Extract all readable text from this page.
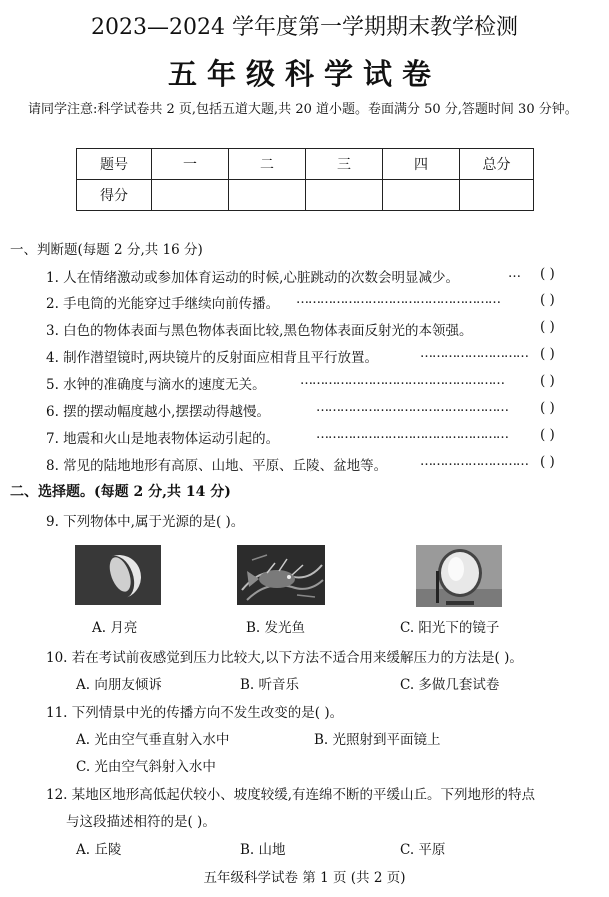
2023—2024 学年度第一学期期末教学检测
五年级科学试卷
请同学注意:科学试卷共 2 页,包括五道大题,共 20 道小题。卷面满分 50 分,答题时间 30 分钟。
题号	一	二	三	四	总分
得分					
一、判断题(每题 2 分,共 16 分)
1. 人在情绪激动或参加体育运动的时候,心脏跳动的次数会明显减少。	… ( )
2. 手电筒的光能穿过手继续向前传播。 ……………………………………………	( )
3. 白色的物体表面与黑色物体表面比较,黑色物体表面反射光的本领强。	( )
4. 制作潜望镜时,两块镜片的反射面应相背且平行放置。	……………………… ( )
5. 水钟的准确度与滴水的速度无关。	……………………………………………	( )
6. 摆的摆动幅度越小,摆摆动得越慢。	………………………………………… ( )
7. 地震和火山是地表物体运动引起的。	………………………………………… ( )
8. 常见的陆地地形有高原、山地、平原、丘陵、盆地等。	……………………… ( )
二、选择题。(每题 2 分,共 14 分)
9. 下列物体中,属于光源的是( )。
A. 月亮	B. 发光鱼	C. 阳光下的镜子
10. 若在考试前夜感觉到压力比较大,以下方法不适合用来缓解压力的方法是( )。
A. 向朋友倾诉	B. 听音乐	C. 多做几套试卷
11. 下列情景中光的传播方向不发生改变的是( )。
A. 光由空气垂直射入水中	B. 光照射到平面镜上
C. 光由空气斜射入水中
12. 某地区地形高低起伏较小、坡度较缓,有连绵不断的平缓山丘。下列地形的特点
与这段描述相符的是( )。
A. 丘陵	B. 山地	C. 平原
五年级科学试卷 第 1 页 (共 2 页)
